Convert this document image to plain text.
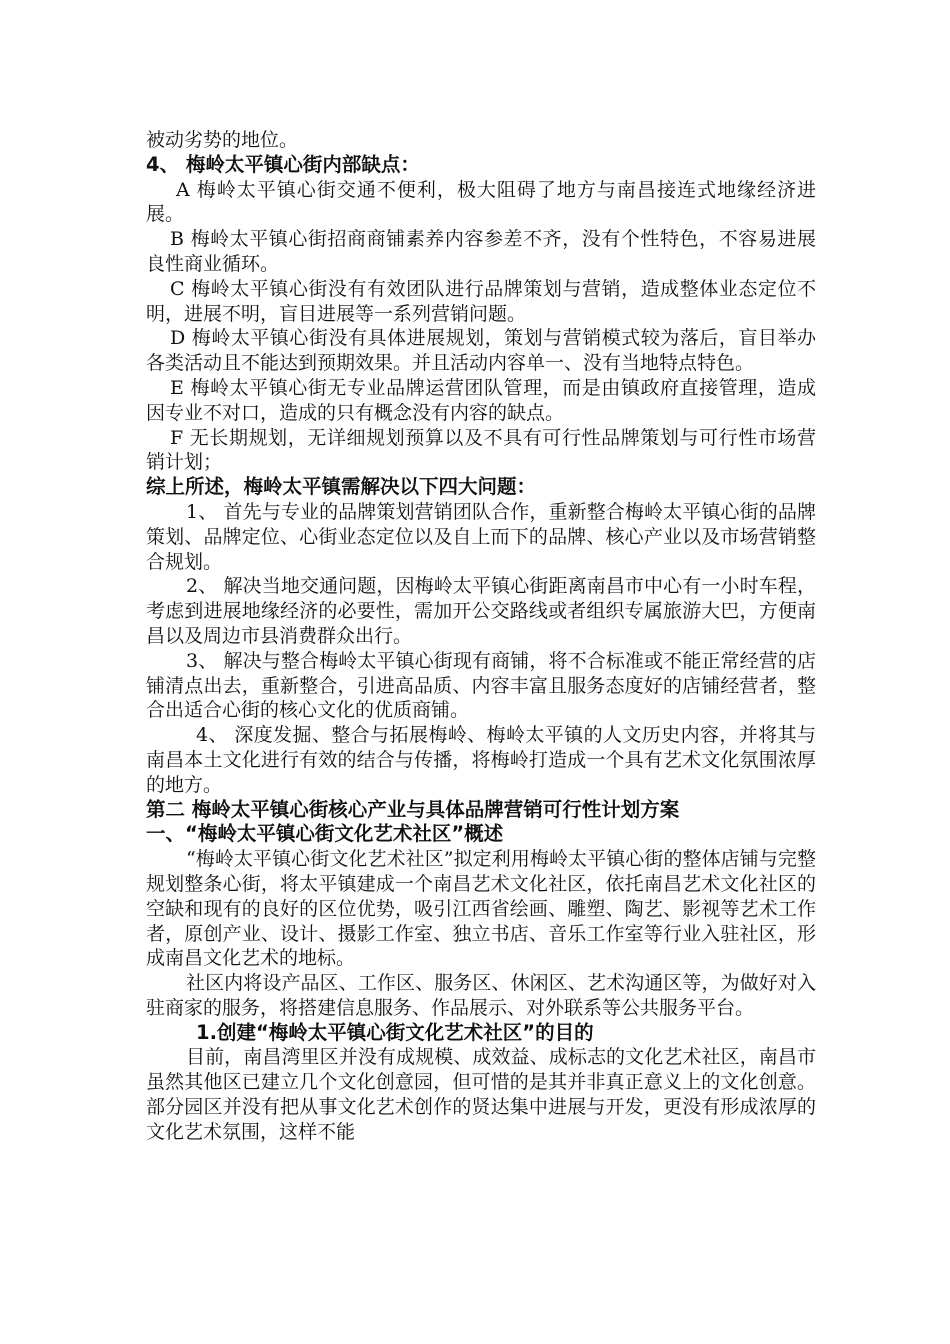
被动劣势的地位。

4、 梅岭太平镇心街内部缺点：

A 梅岭太平镇心街交通不便利，极大阻碍了地方与南昌接连式地缘经济进展。

B 梅岭太平镇心街招商商铺素养内容参差不齐，没有个性特色，不容易进展良性商业循环。

C 梅岭太平镇心街没有有效团队进行品牌策划与营销，造成整体业态定位不明，进展不明，盲目进展等一系列营销问题。

D 梅岭太平镇心街没有具体进展规划，策划与营销模式较为落后，盲目举办各类活动且不能达到预期效果。并且活动内容单一、没有当地特点特色。

E 梅岭太平镇心街无专业品牌运营团队管理，而是由镇政府直接管理，造成因专业不对口，造成的只有概念没有内容的缺点。

F 无长期规划，无详细规划预算以及不具有可行性品牌策划与可行性市场营销计划；

综上所述，梅岭太平镇需解决以下四大问题：

1、 首先与专业的品牌策划营销团队合作，重新整合梅岭太平镇心街的品牌策划、品牌定位、心街业态定位以及自上而下的品牌、核心产业以及市场营销整合规划。

2、 解决当地交通问题，因梅岭太平镇心街距离南昌市中心有一小时车程，考虑到进展地缘经济的必要性，需加开公交路线或者组织专属旅游大巴，方便南昌以及周边市县消费群众出行。

3、 解决与整合梅岭太平镇心街现有商铺，将不合标准或不能正常经营的店铺清点出去，重新整合，引进高品质、内容丰富且服务态度好的店铺经营者，整合出适合心街的核心文化的优质商铺。

4、 深度发掘、整合与拓展梅岭、梅岭太平镇的人文历史内容，并将其与南昌本土文化进行有效的结合与传播，将梅岭打造成一个具有艺术文化氛围浓厚的地方。

第二 梅岭太平镇心街核心产业与具体品牌营销可行性计划方案

一、“梅岭太平镇心街文化艺术社区”概述

“梅岭太平镇心街文化艺术社区”拟定利用梅岭太平镇心街的整体店铺与完整规划整条心街，将太平镇建成一个南昌艺术文化社区，依托南昌艺术文化社区的空缺和现有的良好的区位优势，吸引江西省绘画、雕塑、陶艺、影视等艺术工作者，原创产业、设计、摄影工作室、独立书店、音乐工作室等行业入驻社区，形成南昌文化艺术的地标。

社区内将设产品区、工作区、服务区、休闲区、艺术沟通区等，为做好对入驻商家的服务，将搭建信息服务、作品展示、对外联系等公共服务平台。

1.创建“梅岭太平镇心街文化艺术社区”的目的

目前，南昌湾里区并没有成规模、成效益、成标志的文化艺术社区，南昌市虽然其他区已建立几个文化创意园，但可惜的是其并非真正意义上的文化创意。部分园区并没有把从事文化艺术创作的贤达集中进展与开发，更没有形成浓厚的文化艺术氛围，这样不能
